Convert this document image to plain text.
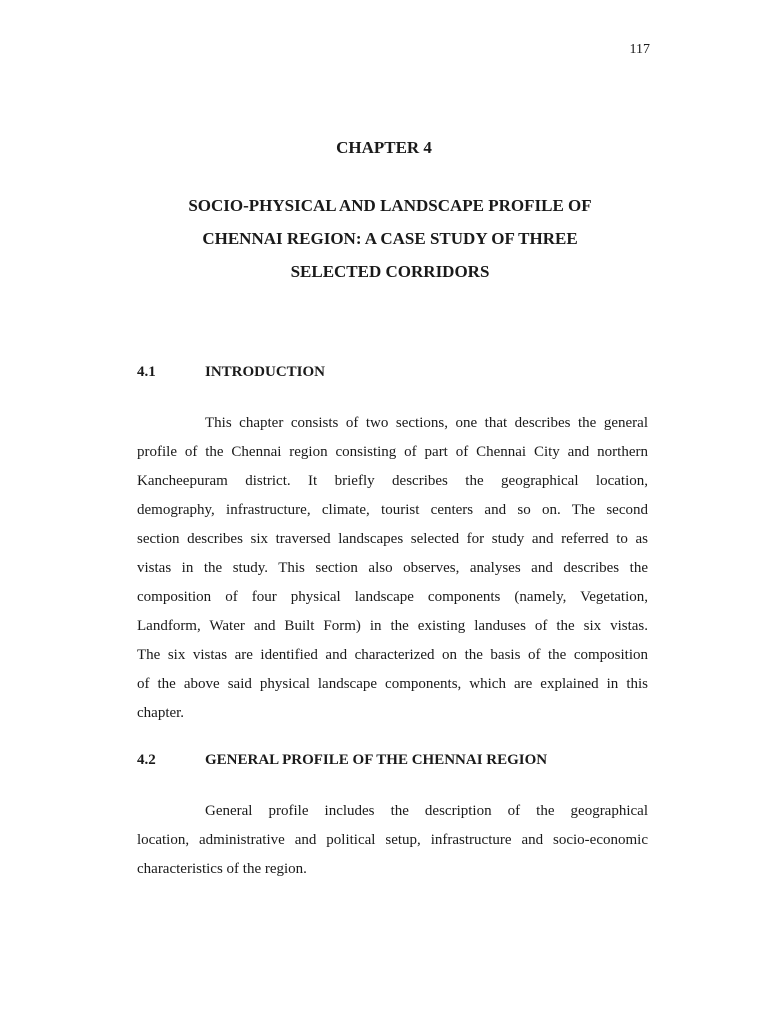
117
CHAPTER 4
SOCIO-PHYSICAL AND LANDSCAPE PROFILE OF
CHENNAI REGION: A CASE STUDY OF THREE
SELECTED CORRIDORS
4.1	INTRODUCTION
This chapter consists of two sections, one that describes the general
profile of the Chennai region consisting of part of Chennai City and northern
Kancheepuram district. It briefly describes the geographical location,
demography, infrastructure, climate, tourist centers and so on. The second
section describes six traversed landscapes selected for study and referred to as
vistas in the study. This section also observes, analyses and describes the
composition of four physical landscape components (namely, Vegetation,
Landform, Water and Built Form) in the existing landuses of the six vistas.
The six vistas are identified and characterized on the basis of the composition
of the above said physical landscape components, which are explained in this
chapter.
4.2	GENERAL PROFILE OF THE CHENNAI REGION
General profile includes the description of the geographical
location, administrative and political setup, infrastructure and socio-economic
characteristics of the region.
